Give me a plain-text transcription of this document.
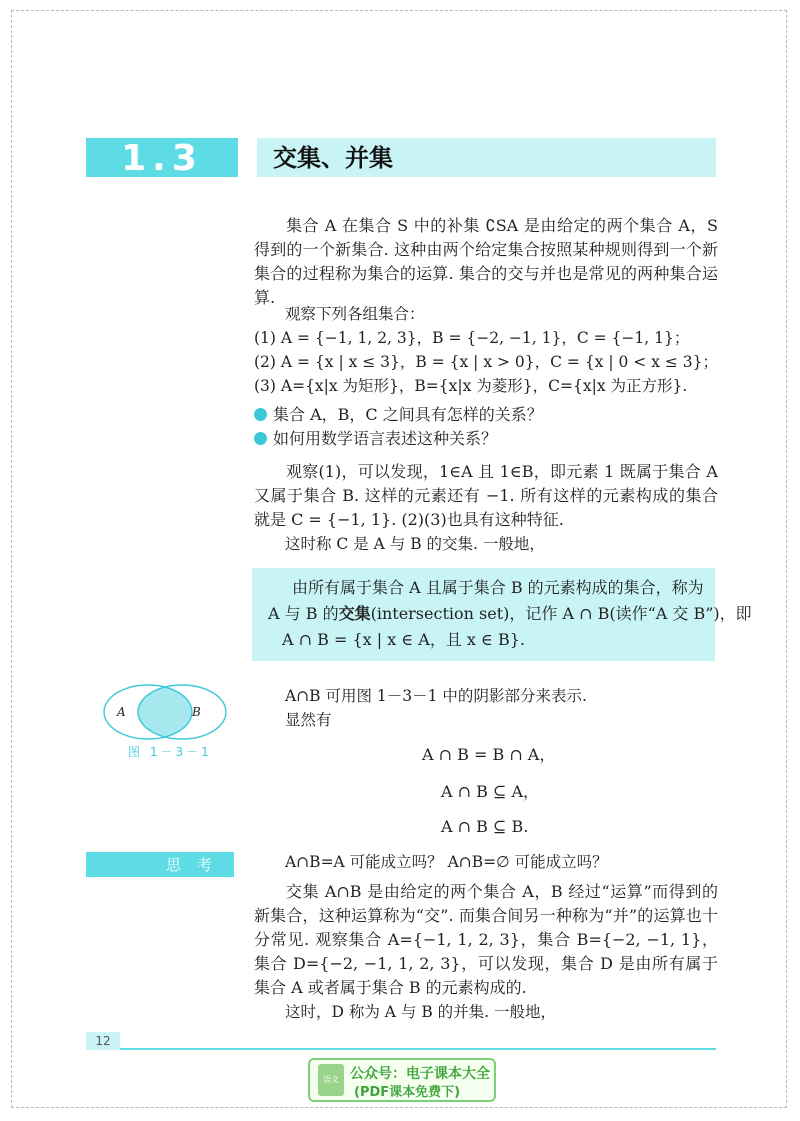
1.3	交集、并集

集合 A 在集合 S 中的补集 ∁SA 是由给定的两个集合 A，S 得到的一个新集合. 这种由两个给定集合按照某种规则得到一个新集合的过程称为集合的运算. 集合的交与并也是常见的两种集合运算.

观察下列各组集合：
(1) A = {−1, 1, 2, 3}，B = {−2, −1, 1}，C = {−1, 1}；
(2) A = {x | x ≤ 3}，B = {x | x > 0}，C = {x | 0 < x ≤ 3}；
(3) A={x|x 为矩形}，B={x|x 为菱形}，C={x|x 为正方形}.
集合 A，B，C 之间具有怎样的关系？
如何用数学语言表述这种关系？

观察(1)，可以发现，1∈A 且 1∈B，即元素 1 既属于集合 A 又属于集合 B. 这样的元素还有 −1. 所有这样的元素构成的集合就是 C = {−1, 1}. (2)(3)也具有这种特征.

这时称 C 是 A 与 B 的交集. 一般地，
由所有属于集合 A 且属于集合 B 的元素构成的集合，称为
A 与 B 的交集(intersection set)，记作 A ∩ B(读作“A 交 B”)，即
A ∩ B = {x | x ∈ A，且 x ∈ B}.
A	B
图 1－3－1
A∩B 可用图 1－3－1 中的阴影部分来表示.
显然有
A ∩ B = B ∩ A，
A ∩ B ⊆ A，
A ∩ B ⊆ B.
思考	A∩B=A 可能成立吗？ A∩B=∅ 可能成立吗？

交集 A∩B 是由给定的两个集合 A，B 经过“运算”而得到的新集合，这种运算称为“交”. 而集合间另一种称为“并”的运算也十分常见. 观察集合 A={−1, 1, 2, 3}，集合 B={−2, −1, 1}，集合 D={−2, −1, 1, 2, 3}，可以发现，集合 D 是由所有属于集合 A 或者属于集合 B 的元素构成的.

这时，D 称为 A 与 B 的并集. 一般地，
12
语文 公众号：电子课本大全
(PDF课本免费下)
